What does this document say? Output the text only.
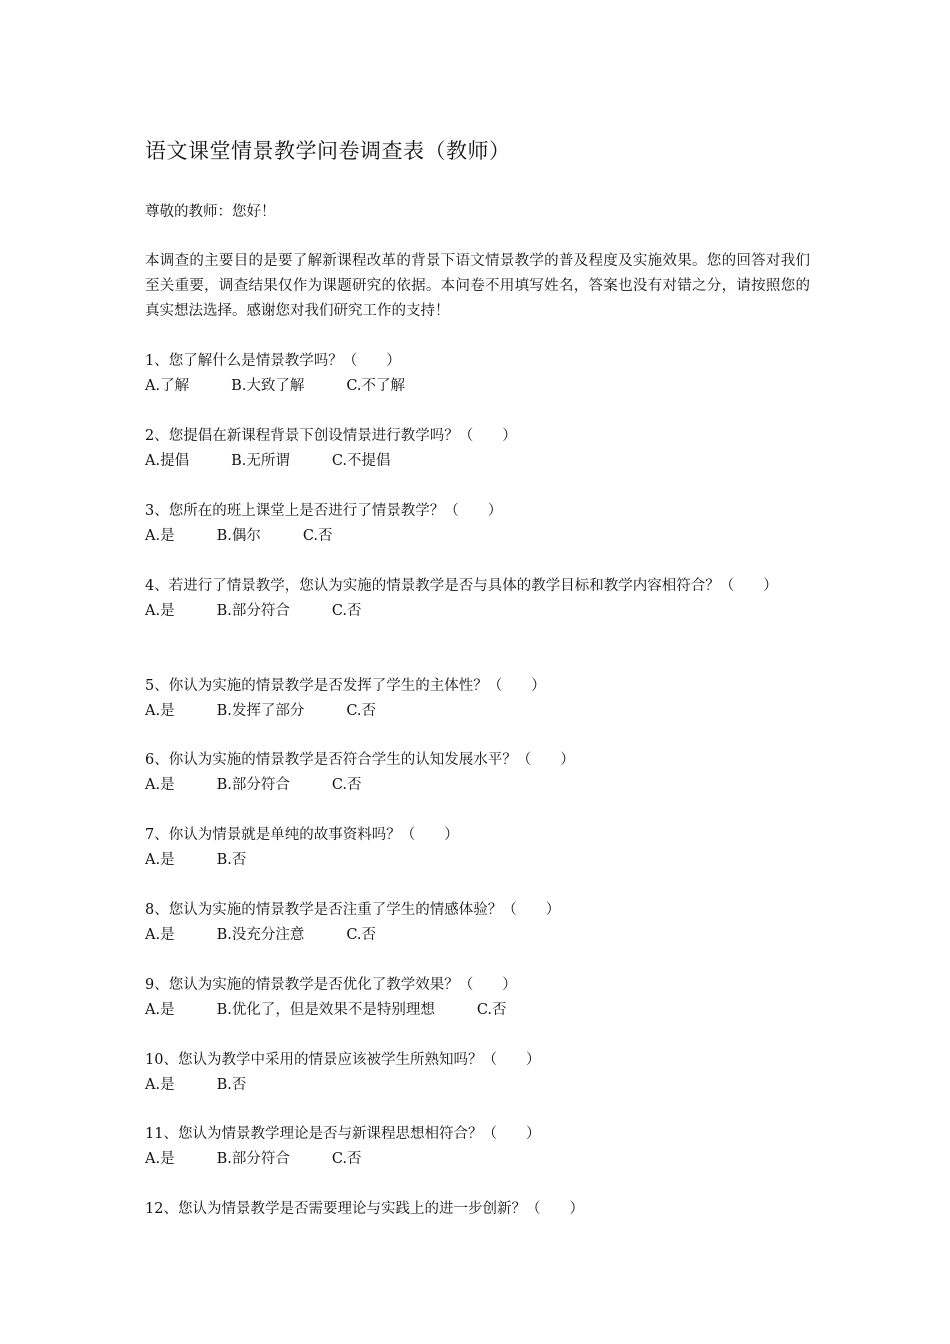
语文课堂情景教学问卷调查表（教师）
尊敬的教师：您好！

本调查的主要目的是要了解新课程改革的背景下语文情景教学的普及程度及实施效果。您的回答对我们至关重要，调查结果仅作为课题研究的依据。本问卷不用填写姓名，答案也没有对错之分，请按照您的真实想法选择。感谢您对我们研究工作的支持！

1、您了解什么是情景教学吗？（　　）
A.了解	B.大致了解	C.不了解
2、您提倡在新课程背景下创设情景进行教学吗？（　　）
A.提倡	B.无所谓	C.不提倡
3、您所在的班上课堂上是否进行了情景教学？（　　）
A.是	B.偶尔	C.否
4、若进行了情景教学，您认为实施的情景教学是否与具体的教学目标和教学内容相符合？（　　）
A.是	B.部分符合	C.否
5、你认为实施的情景教学是否发挥了学生的主体性？（　　）
A.是	B.发挥了部分	C.否
6、你认为实施的情景教学是否符合学生的认知发展水平？（　　）
A.是	B.部分符合	C.否
7、你认为情景就是单纯的故事资料吗？（　　）
A.是	B.否
8、您认为实施的情景教学是否注重了学生的情感体验？（　　）
A.是	B.没充分注意	C.否
9、您认为实施的情景教学是否优化了教学效果？（　　）
A.是	B.优化了，但是效果不是特别理想	C.否
10、您认为教学中采用的情景应该被学生所熟知吗？（　　）
A.是	B.否
11、您认为情景教学理论是否与新课程思想相符合？（　　）
A.是	B.部分符合	C.否
12、您认为情景教学是否需要理论与实践上的进一步创新？（　　）
